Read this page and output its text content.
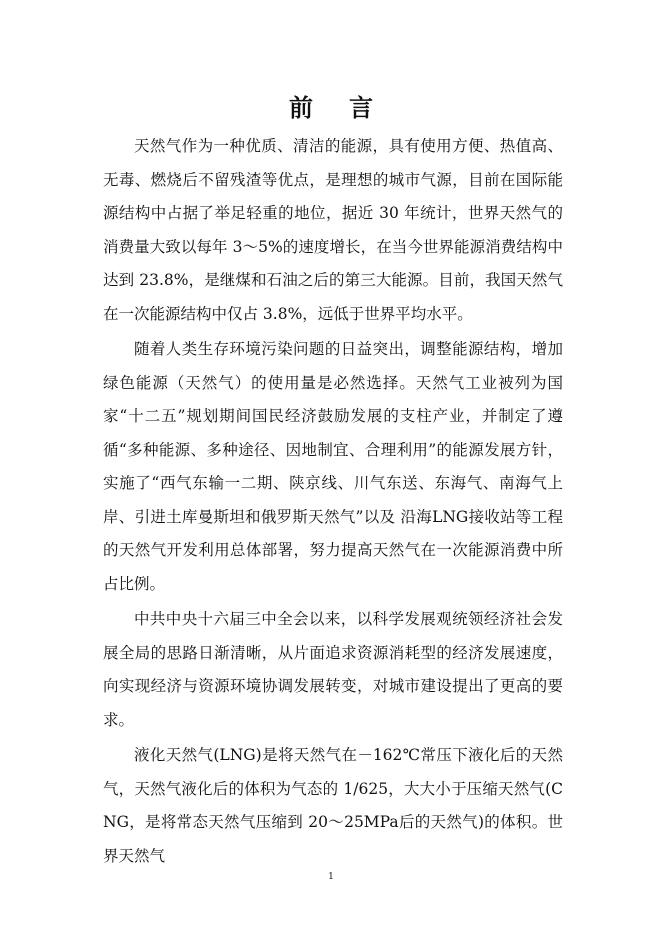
前言

天然气作为一种优质、清洁的能源，具有使用方便、热值高、无毒、燃烧后不留残渣等优点，是理想的城市气源，目前在国际能源结构中占据了举足轻重的地位，据近 30 年统计，世界天然气的消费量大致以每年 3～5%的速度增长，在当今世界能源消费结构中达到 23.8%，是继煤和石油之后的第三大能源。目前，我国天然气在一次能源结构中仅占 3.8%，远低于世界平均水平。

随着人类生存环境污染问题的日益突出，调整能源结构，增加绿色能源（天然气）的使用量是必然选择。天然气工业被列为国家“十二五”规划期间国民经济鼓励发展的支柱产业，并制定了遵循“多种能源、多种途径、因地制宜、合理利用”的能源发展方针，实施了“西气东输一二期、陕京线、川气东送、东海气、南海气上岸、引进土库曼斯坦和俄罗斯天然气”以及 沿海LNG接收站等工程的天然气开发利用总体部署，努力提高天然气在一次能源消费中所占比例。

中共中央十六届三中全会以来，以科学发展观统领经济社会发展全局的思路日渐清晰，从片面追求资源消耗型的经济发展速度，向实现经济与资源环境协调发展转变，对城市建设提出了更高的要求。

液化天然气(LNG)是将天然气在－162℃常压下液化后的天然气，天然气液化后的体积为气态的 1/625，大大小于压缩天然气(CNG，是将常态天然气压缩到 20～25MPa后的天然气)的体积。世界天然气

1
